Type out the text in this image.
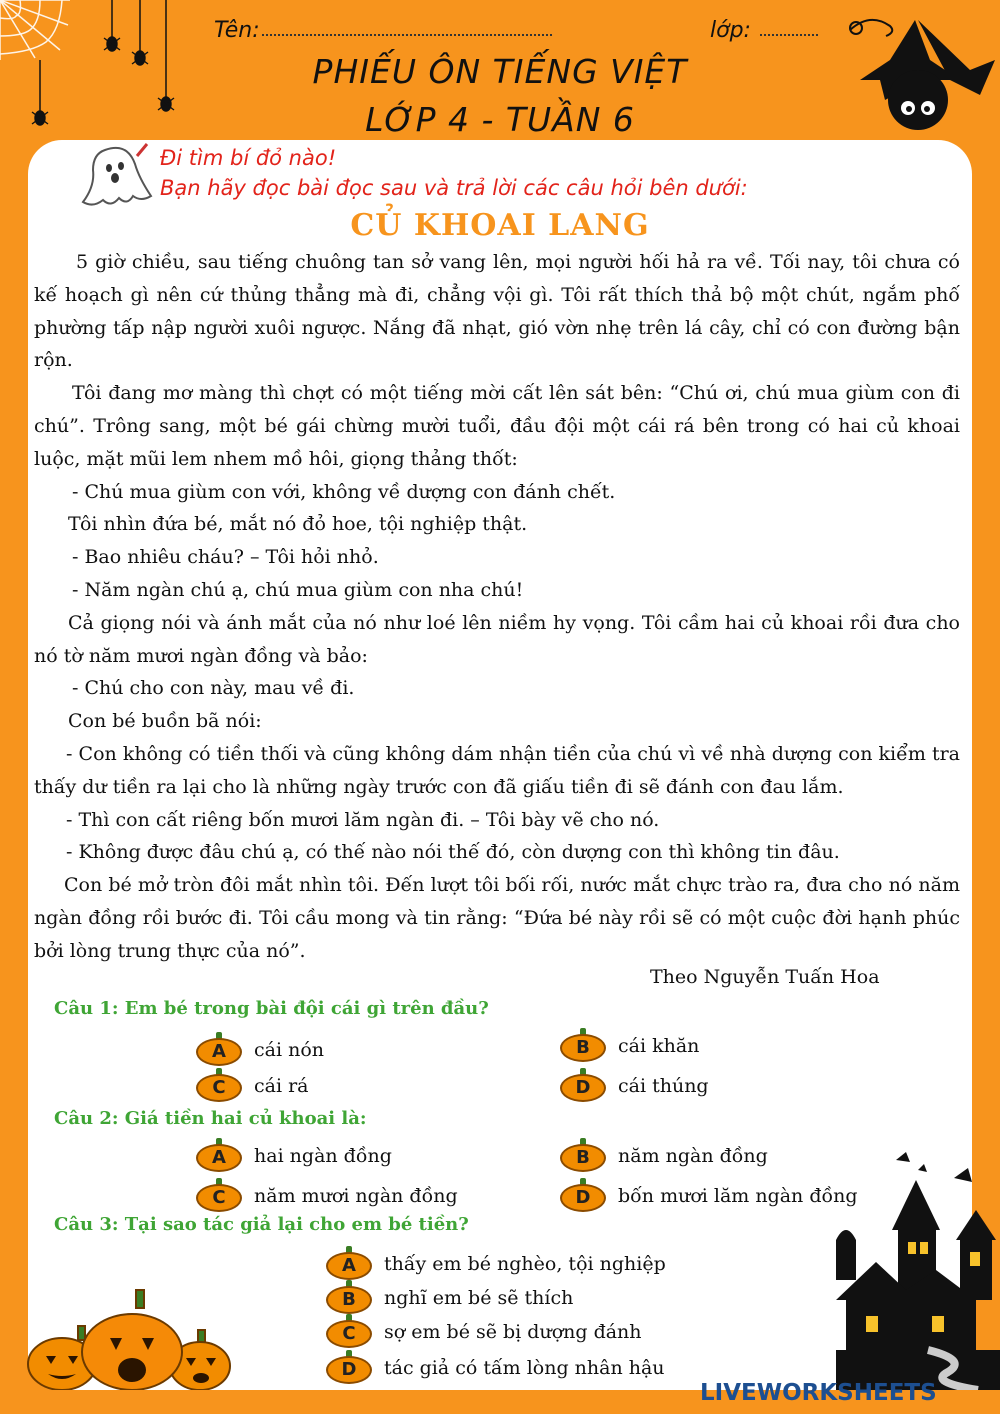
Tên:	lớp:
PHIẾU ÔN TIẾNG VIỆT
LỚP 4 - TUẦN 6
Đi tìm bí đỏ nào!
Bạn hãy đọc bài đọc sau và trả lời các câu hỏi bên dưới:
CỦ KHOAI LANG

5 giờ chiều, sau tiếng chuông tan sở vang lên, mọi người hối hả ra về. Tối nay, tôi chưa có kế hoạch gì nên cứ thủng thẳng mà đi, chẳng vội gì. Tôi rất thích thả bộ một chút, ngắm phố phường tấp nập người xuôi ngược. Nắng đã nhạt, gió vờn nhẹ trên lá cây, chỉ có con đường bận rộn.

Tôi đang mơ màng thì chợt có một tiếng mời cất lên sát bên: “Chú ơi, chú mua giùm con đi chú”. Trông sang, một bé gái chừng mười tuổi, đầu đội một cái rá bên trong có hai củ khoai luộc, mặt mũi lem nhem mồ hôi, giọng thảng thốt:

- Chú mua giùm con với, không về dượng con đánh chết.

Tôi nhìn đứa bé, mắt nó đỏ hoe, tội nghiệp thật.

- Bao nhiêu cháu? – Tôi hỏi nhỏ.

- Năm ngàn chú ạ, chú mua giùm con nha chú!

Cả giọng nói và ánh mắt của nó như loé lên niềm hy vọng. Tôi cầm hai củ khoai rồi đưa cho nó tờ năm mươi ngàn đồng và bảo:

- Chú cho con này, mau về đi.

Con bé buồn bã nói:

- Con không có tiền thối và cũng không dám nhận tiền của chú vì về nhà dượng con kiểm tra thấy dư tiền ra lại cho là những ngày trước con đã giấu tiền đi sẽ đánh con đau lắm.

- Thì con cất riêng bốn mươi lăm ngàn đi. – Tôi bày vẽ cho nó.

- Không được đâu chú ạ, có thế nào nói thế đó, còn dượng con thì không tin đâu.

Con bé mở tròn đôi mắt nhìn tôi. Đến lượt tôi bối rối, nước mắt chực trào ra, đưa cho nó năm ngàn đồng rồi bước đi. Tôi cầu mong và tin rằng: “Đứa bé này rồi sẽ có một cuộc đời hạnh phúc bởi lòng trung thực của nó”.

Theo Nguyễn Tuấn Hoa
Câu 1: Em bé trong bài đội cái gì trên đầu?
A	cái nón	B	cái khăn
C	cái rá	D	cái thúng
Câu 2: Giá tiền hai củ khoai là:
A	hai ngàn đồng	B	năm ngàn đồng
C	năm mươi ngàn đồng	D	bốn mươi lăm ngàn đồng
Câu 3: Tại sao tác giả lại cho em bé tiền?
A	thấy em bé nghèo, tội nghiệp
B	nghĩ em bé sẽ thích
C	sợ em bé sẽ bị dượng đánh
D	tác giả có tấm lòng nhân hậu
LIVEWORKSHEETS
